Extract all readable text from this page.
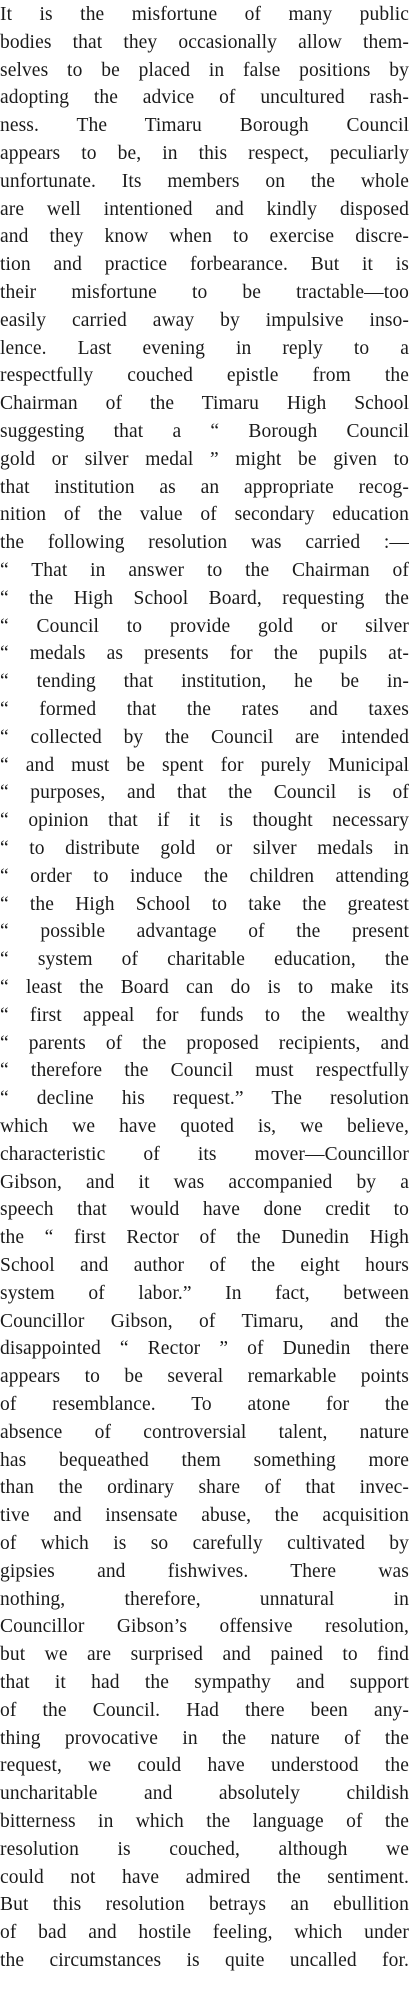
It is the misfortune of many public
bodies that they occasionally allow them-
selves to be placed in false positions by
adopting the advice of uncultured rash-
ness. The Timaru Borough Council
appears to be, in this respect, peculiarly
unfortunate. Its members on the whole
are well intentioned and kindly disposed
and they know when to exercise discre-
tion and practice forbearance. But it is
their misfortune to be tractable—too
easily carried away by impulsive inso-
lence. Last evening in reply to a
respectfully couched epistle from the
Chairman of the Timaru High School
suggesting that a “ Borough Council
gold or silver medal ” might be given to
that institution as an appropriate recog-
nition of the value of secondary education
the following resolution was carried :—
“ That in answer to the Chairman of
“ the High School Board, requesting the
“ Council to provide gold or silver
“ medals as presents for the pupils at-
“ tending that institution, he be in-
“ formed that the rates and taxes
“ collected by the Council are intended
“ and must be spent for purely Municipal
“ purposes, and that the Council is of
“ opinion that if it is thought necessary
“ to distribute gold or silver medals in
“ order to induce the children attending
“ the High School to take the greatest
“ possible advantage of the present
“ system of charitable education, the
“ least the Board can do is to make its
“ first appeal for funds to the wealthy
“ parents of the proposed recipients, and
“ therefore the Council must respectfully
“ decline his request.” The resolution
which we have quoted is, we believe,
characteristic of its mover—Councillor
Gibson, and it was accompanied by a
speech that would have done credit to
the “ first Rector of the Dunedin High
School and author of the eight hours
system of labor.” In fact, between
Councillor Gibson, of Timaru, and the
disappointed “ Rector ” of Dunedin there
appears to be several remarkable points
of resemblance. To atone for the
absence of controversial talent, nature
has bequeathed them something more
than the ordinary share of that invec-
tive and insensate abuse, the acquisition
of which is so carefully cultivated by
gipsies and fishwives. There was
nothing, therefore, unnatural in
Councillor Gibson’s offensive resolution,
but we are surprised and pained to find
that it had the sympathy and support
of the Council. Had there been any-
thing provocative in the nature of the
request, we could have understood the
uncharitable and absolutely childish
bitterness in which the language of the
resolution is couched, although we
could not have admired the sentiment.
But this resolution betrays an ebullition
of bad and hostile feeling, which under
the circumstances is quite uncalled for.
